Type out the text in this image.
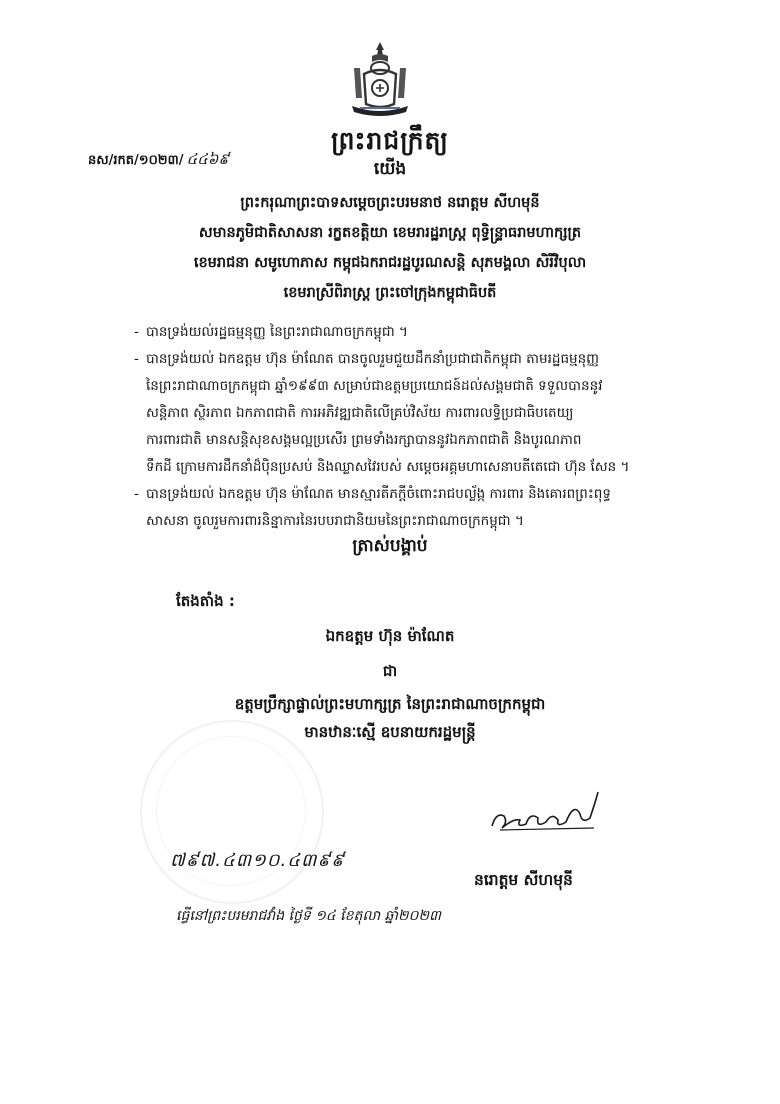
ព្រះរាជក្រឹត្យ
នស/រកត/១០២៣/ ៤៤៦៩	យើង
ព្រះករុណាព្រះបាទសម្ដេចព្រះបរមនាថ នរោត្ដម សីហមុនី
សមានភូមិជាតិសាសនា រក្ខតខត្តិយា ខេមរារដ្ឋរាស្ត្រ ពុទ្ធិន្ទ្រាធរាមហាក្សត្រ
ខេមរាជនា សមូហោភាស កម្ពុជឯករាជរដ្ឋបូរណសន្តិ សុភមង្គលា សិរីវិបុលា
ខេមរាស្រីពិរាស្ត្រ ព្រះចៅក្រុងកម្ពុជាធិបតី
- បានទ្រង់យល់រដ្ឋធម្មនុញ្ញ នៃព្រះរាជាណាចក្រកម្ពុជា ។
- បានទ្រង់យល់ ឯកឧត្ដម ហ៊ុន ម៉ាណែត បានចូលរួមជួយដឹកនាំប្រជាជាតិកម្ពុជា តាមរដ្ឋធម្មនុញ្ញ
នៃព្រះរាជាណាចក្រកម្ពុជា ឆ្នាំ១៩៩៣ សម្រាប់ជាឧត្ដមប្រយោជន៍ដល់សង្គមជាតិ ទទួលបាននូវ
សន្តិភាព ស្ថិរភាព ឯកភាពជាតិ ការអភិវឌ្ឍជាតិលើគ្រប់វិស័យ ការពារលទ្ធិប្រជាធិបតេយ្យ
ការពារជាតិ មានសន្តិសុខសង្គមល្អប្រសើរ ព្រមទាំងរក្សាបាននូវឯកភាពជាតិ និងបូរណភាព
ទឹកដី ក្រោមការដឹកនាំដ៏ប៉ិនប្រសប់ និងឈ្លាសវៃរបស់ សម្ដេចអគ្គមហាសេនាបតីតេជោ ហ៊ុន សែន ។
- បានទ្រង់យល់ ឯកឧត្ដម ហ៊ុន ម៉ាណែត មានស្មារតីភក្ដីចំពោះរាជបល្ល័ង្ក ការពារ និងគោរពព្រះពុទ្ធ
សាសនា ចូលរួមការពារនិន្នាការនៃរបបរាជានិយមនៃព្រះរាជាណាចក្រកម្ពុជា ។
ត្រាស់បង្គាប់
តែងតាំង :
ឯកឧត្ដម ហ៊ុន ម៉ាណែត
ជា
ឧត្ដមប្រឹក្សាផ្ទាល់ព្រះមហាក្សត្រ នៃព្រះរាជាណាចក្រកម្ពុជា
មានឋានៈស្មើ ឧបនាយករដ្ឋមន្ត្រី
៧៩៧.៤៣១០.៤៣៩៩
នរោត្ដម សីហមុនី
ធ្វើនៅព្រះបរមរាជវាំង ថ្ងៃទី ១៤ ខែតុលា ឆ្នាំ២០២៣
